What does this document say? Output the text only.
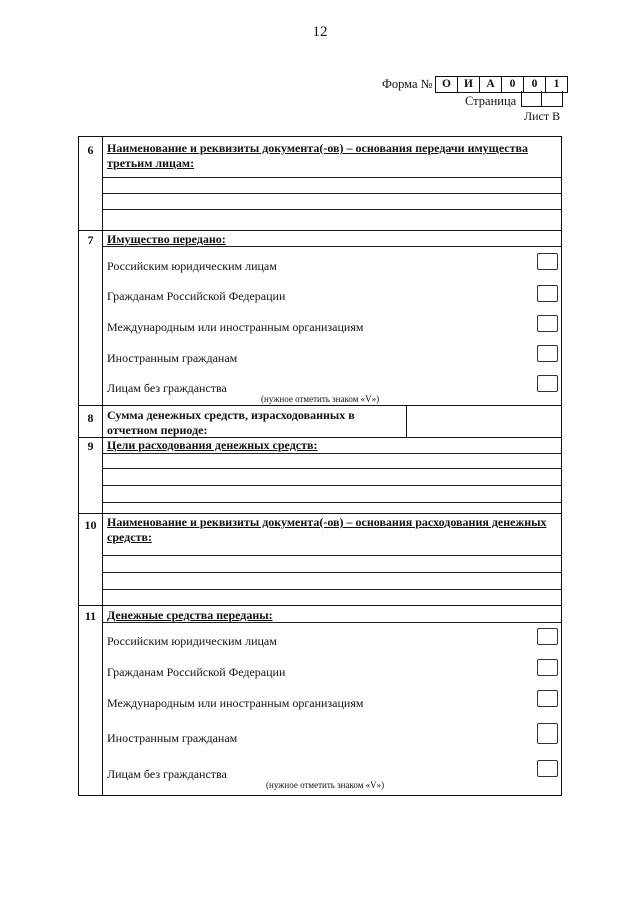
12
Форма № О	И	А	0	0	1
Страница
Лист В
6	Наименование и реквизиты документа(-ов) – основания передачи имущества третьим лицам:
7	Имущество передано:
Российским юридическим лицам
Гражданам Российской Федерации
Международным или иностранным организациям
Иностранным гражданам
Лицам без гражданства
(нужное отметить знаком «V»)
8	Сумма денежных средств, израсходованных в отчетном периоде:
9	Цели расходования денежных средств:
10 Наименование и реквизиты документа(-ов) – основания расходования денежных средств:
11 Денежные средства переданы:
Российским юридическим лицам
Гражданам Российской Федерации
Международным или иностранным организациям
Иностранным гражданам
Лицам без гражданства
(нужное отметить знаком «V»)
